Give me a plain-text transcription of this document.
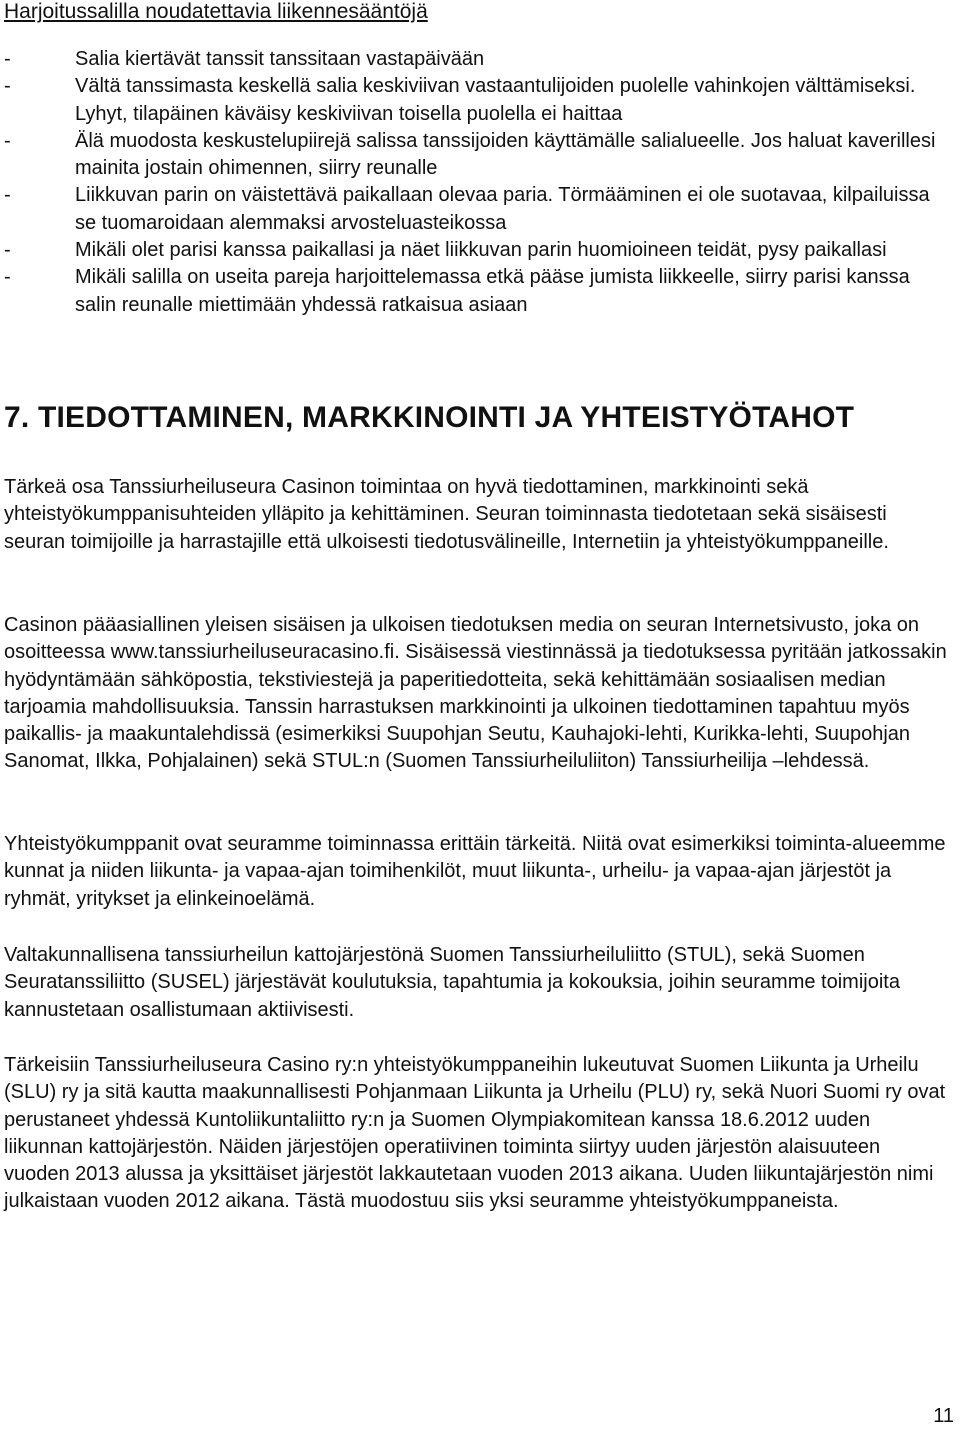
Harjoitussalilla noudatettavia liikennesääntöjä
-	Salia kiertävät tanssit tanssitaan vastapäivään
-	Vältä tanssimasta keskellä salia keskiviivan vastaantulijoiden puolelle vahinkojen välttämiseksi. Lyhyt, tilapäinen käväisy keskiviivan toisella puolella ei haittaa
-	Älä muodosta keskustelupiirejä salissa tanssijoiden käyttämälle salialueelle. Jos haluat kaverillesi mainita jostain ohimennen, siirry reunalle
-	Liikkuvan parin on väistettävä paikallaan olevaa paria. Törmääminen ei ole suotavaa, kilpailuissa se tuomaroidaan alemmaksi arvosteluasteikossa
-	Mikäli olet parisi kanssa paikallasi ja näet liikkuvan parin huomioineen teidät, pysy paikallasi
-	Mikäli salilla on useita pareja harjoittelemassa etkä pääse jumista liikkeelle, siirry parisi kanssa salin reunalle miettimään yhdessä ratkaisua asiaan
7. TIEDOTTAMINEN, MARKKINOINTI JA YHTEISTYÖTAHOT

Tärkeä osa Tanssiurheiluseura Casinon toimintaa on hyvä tiedottaminen, markkinointi sekä yhteistyökumppanisuhteiden ylläpito ja kehittäminen. Seuran toiminnasta tiedotetaan sekä sisäisesti seuran toimijoille ja harrastajille että ulkoisesti tiedotusvälineille, Internetiin ja yhteistyökumppaneille.

Casinon pääasiallinen yleisen sisäisen ja ulkoisen tiedotuksen media on seuran Internetsivusto, joka on osoitteessa www.tanssiurheiluseuracasino.fi. Sisäisessä viestinnässä ja tiedotuksessa pyritään jatkossakin hyödyntämään sähköpostia, tekstiviestejä ja paperitiedotteita, sekä kehittämään sosiaalisen median tarjoamia mahdollisuuksia. Tanssin harrastuksen markkinointi ja ulkoinen tiedottaminen tapahtuu myös paikallis- ja maakuntalehdissä (esimerkiksi Suupohjan Seutu, Kauhajoki-lehti, Kurikka-lehti, Suupohjan Sanomat, Ilkka, Pohjalainen) sekä STUL:n (Suomen Tanssiurheiluliiton) Tanssiurheilija –lehdessä.

Yhteistyökumppanit ovat seuramme toiminnassa erittäin tärkeitä. Niitä ovat esimerkiksi toiminta-alueemme kunnat ja niiden liikunta- ja vapaa-ajan toimihenkilöt, muut liikunta-, urheilu- ja vapaa-ajan järjestöt ja ryhmät, yritykset ja elinkeinoelämä.

Valtakunnallisena tanssiurheilun kattojärjestönä Suomen Tanssiurheiluliitto (STUL), sekä Suomen Seuratanssiliitto (SUSEL) järjestävät koulutuksia, tapahtumia ja kokouksia, joihin seuramme toimijoita kannustetaan osallistumaan aktiivisesti.

Tärkeisiin Tanssiurheiluseura Casino ry:n yhteistyökumppaneihin lukeutuvat Suomen Liikunta ja Urheilu (SLU) ry ja sitä kautta maakunnallisesti Pohjanmaan Liikunta ja Urheilu (PLU) ry, sekä Nuori Suomi ry ovat perustaneet yhdessä Kuntoliikuntaliitto ry:n ja Suomen Olympiakomitean kanssa 18.6.2012 uuden liikunnan kattojärjestön. Näiden järjestöjen operatiivinen toiminta siirtyy uuden järjestön alaisuuteen vuoden 2013 alussa ja yksittäiset järjestöt lakkautetaan vuoden 2013 aikana. Uuden liikuntajärjestön nimi julkaistaan vuoden 2012 aikana. Tästä muodostuu siis yksi seuramme yhteistyökumppaneista.

11
